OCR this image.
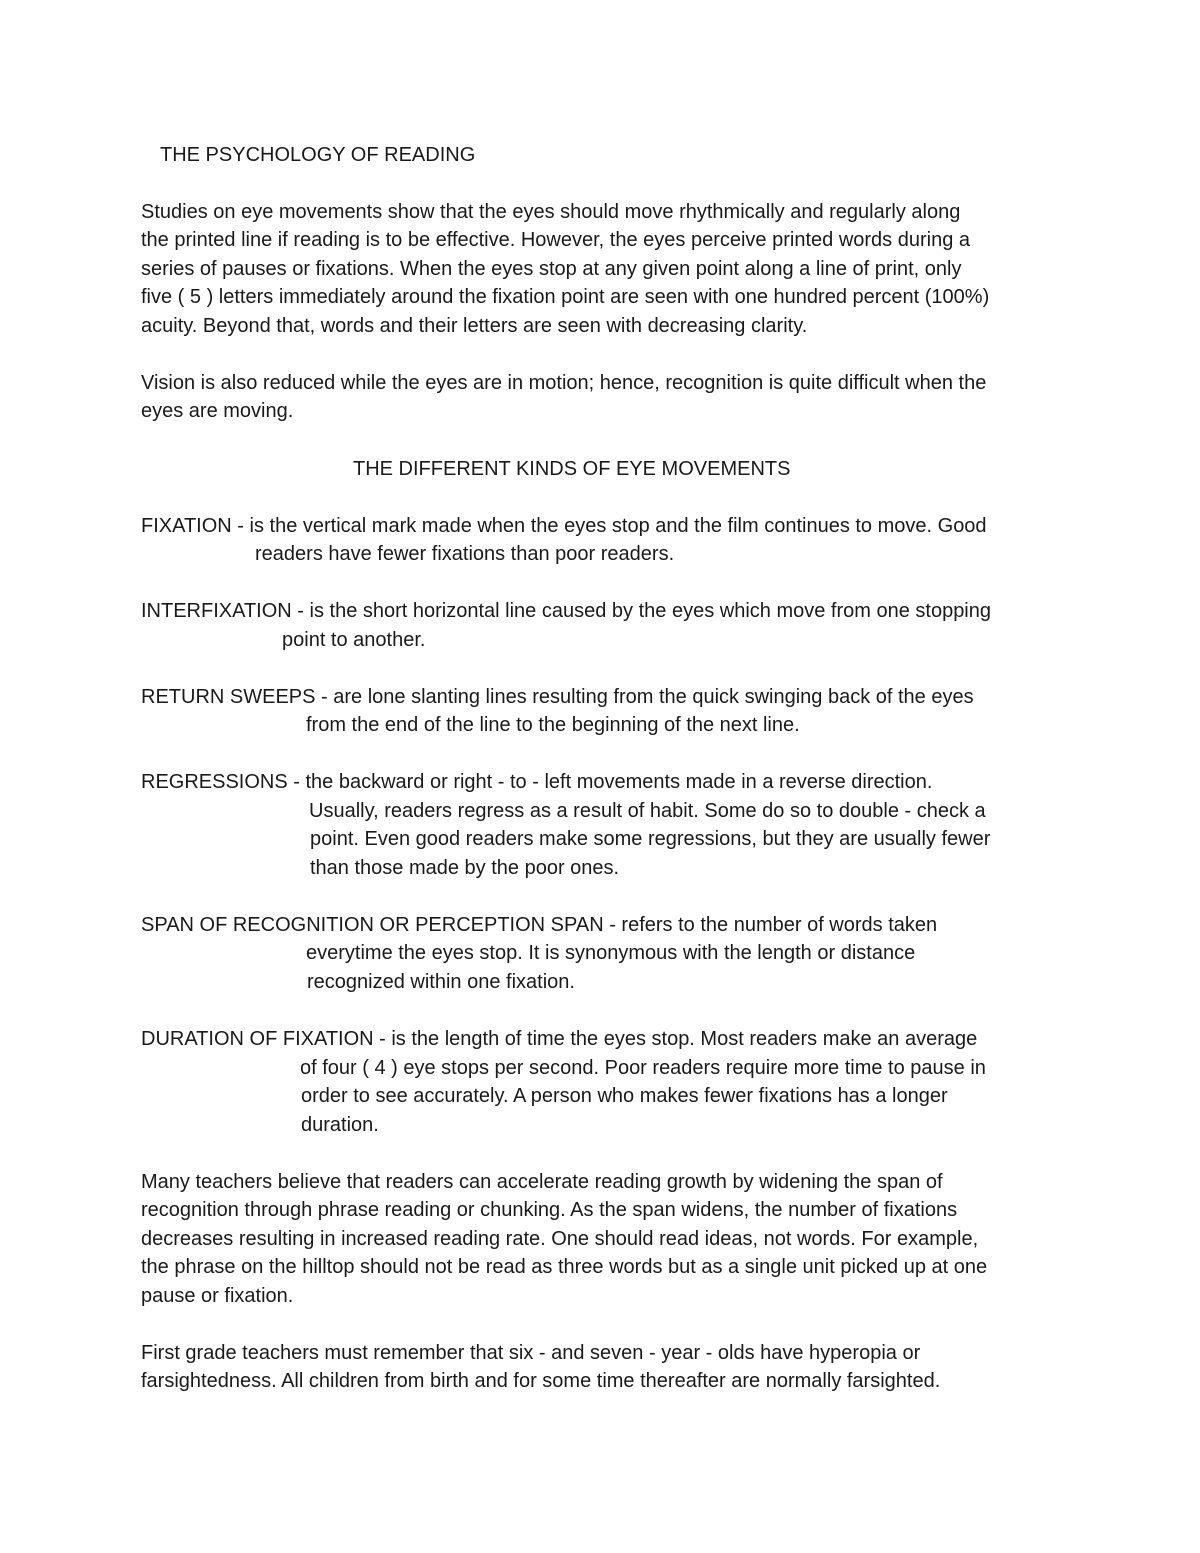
THE PSYCHOLOGY OF READING

Studies on eye movements show that the eyes should move rhythmically and regularly along

the printed line if reading is to be effective. However, the eyes perceive printed words during a

series of pauses or fixations. When the eyes stop at any given point along a line of print, only

five ( 5 ) letters immediately around the fixation point are seen with one hundred percent (100%)

acuity. Beyond that, words and their letters are seen with decreasing clarity.

Vision is also reduced while the eyes are in motion; hence, recognition is quite difficult when the

eyes are moving.

THE DIFFERENT KINDS OF EYE MOVEMENTS

FIXATION - is the vertical mark made when the eyes stop and the film continues to move. Good

readers have fewer fixations than poor readers.

INTERFIXATION - is the short horizontal line caused by the eyes which move from one stopping

point to another.

RETURN SWEEPS - are lone slanting lines resulting from the quick swinging back of the eyes

from the end of the line to the beginning of the next line.

REGRESSIONS - the backward or right - to - left movements made in a reverse direction.

Usually, readers regress as a result of habit. Some do so to double - check a

point. Even good readers make some regressions, but they are usually fewer

than those made by the poor ones.

SPAN OF RECOGNITION OR PERCEPTION SPAN - refers to the number of words taken

everytime the eyes stop. It is synonymous with the length or distance

recognized within one fixation.

DURATION OF FIXATION - is the length of time the eyes stop. Most readers make an average

of four ( 4 ) eye stops per second. Poor readers require more time to pause in

order to see accurately. A person who makes fewer fixations has a longer

duration.

Many teachers believe that readers can accelerate reading growth by widening the span of

recognition through phrase reading or chunking. As the span widens, the number of fixations

decreases resulting in increased reading rate. One should read ideas, not words. For example,

the phrase on the hilltop should not be read as three words but as a single unit picked up at one

pause or fixation.

First grade teachers must remember that six - and seven - year - olds have hyperopia or

farsightedness. All children from birth and for some time thereafter are normally farsighted.
